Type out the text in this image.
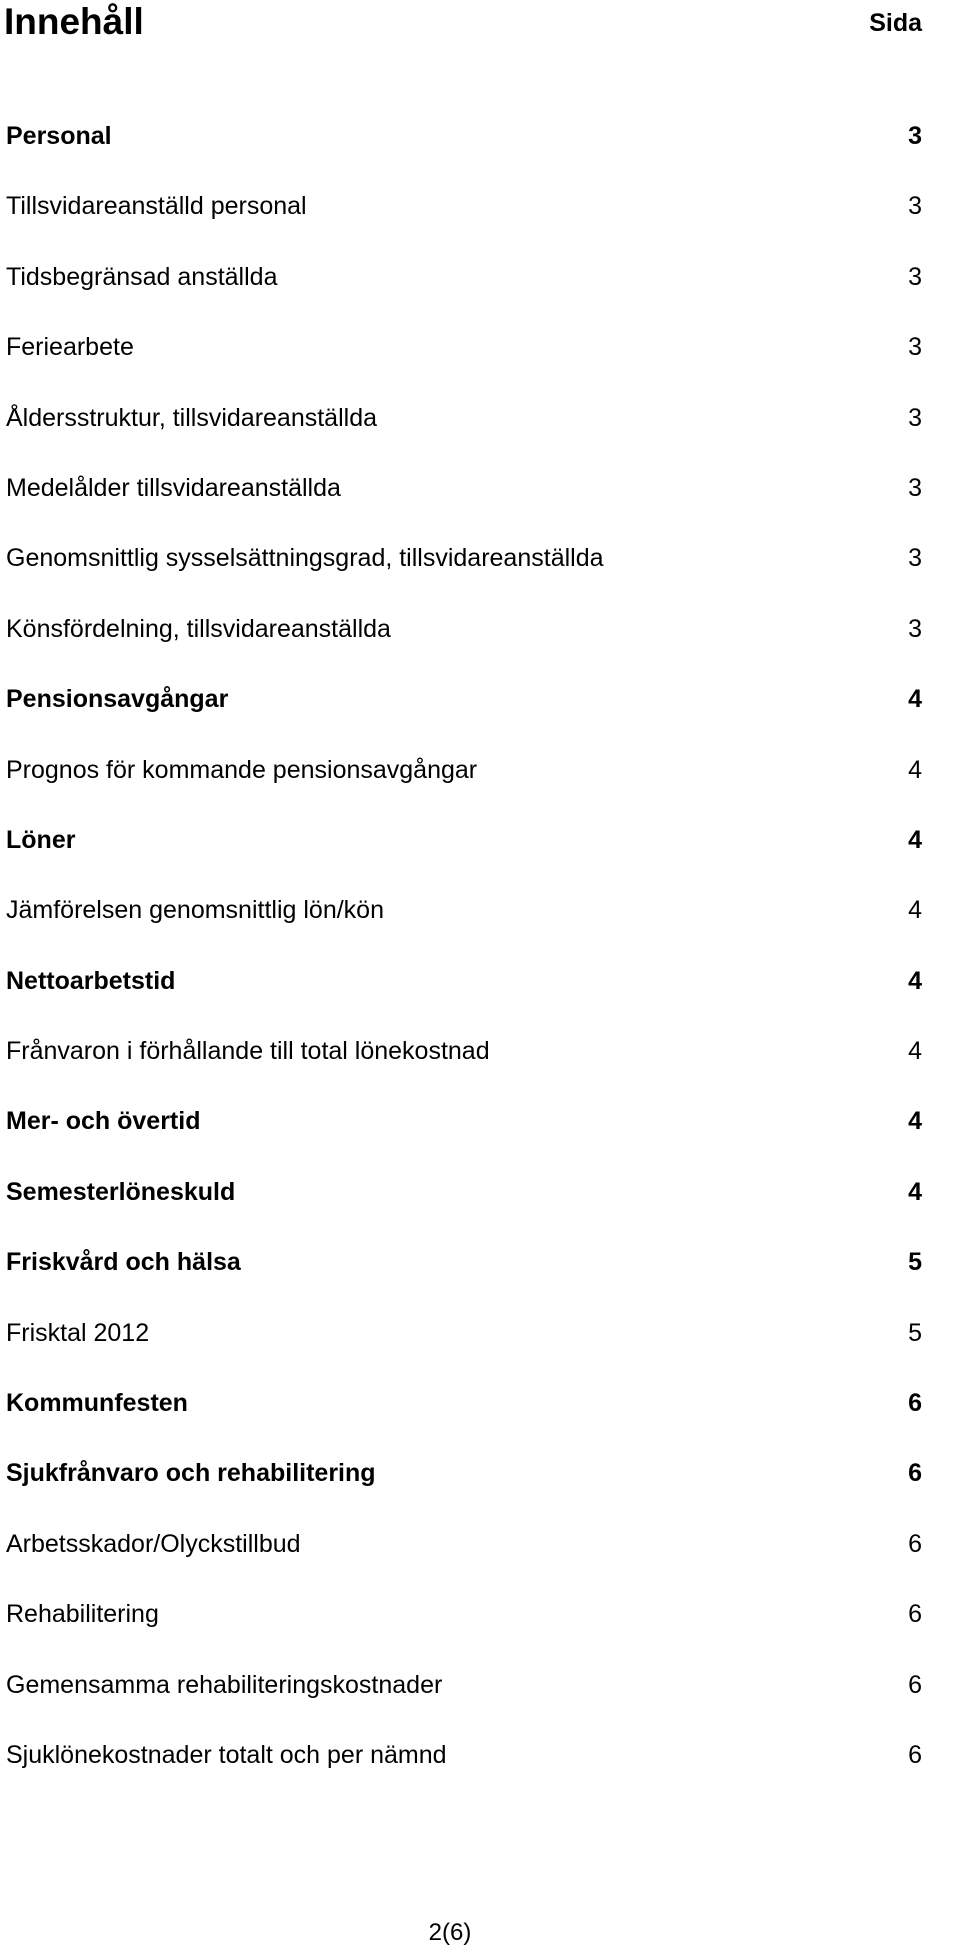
Innehåll	Sida
Personal	3
Tillsvidareanställd personal	3
Tidsbegränsad anställda	3
Feriearbete	3
Åldersstruktur, tillsvidareanställda	3
Medelålder tillsvidareanställda	3
Genomsnittlig sysselsättningsgrad, tillsvidareanställda	3
Könsfördelning, tillsvidareanställda	3
Pensionsavgångar	4
Prognos för kommande pensionsavgångar	4
Löner	4
Jämförelsen genomsnittlig lön/kön	4
Nettoarbetstid	4
Frånvaron i förhållande till total lönekostnad	4
Mer- och övertid	4
Semesterlöneskuld	4
Friskvård och hälsa	5
Frisktal 2012	5
Kommunfesten	6
Sjukfrånvaro och rehabilitering	6
Arbetsskador/Olyckstillbud	6
Rehabilitering	6
Gemensamma rehabiliteringskostnader	6
Sjuklönekostnader totalt och per nämnd	6
2(6)
